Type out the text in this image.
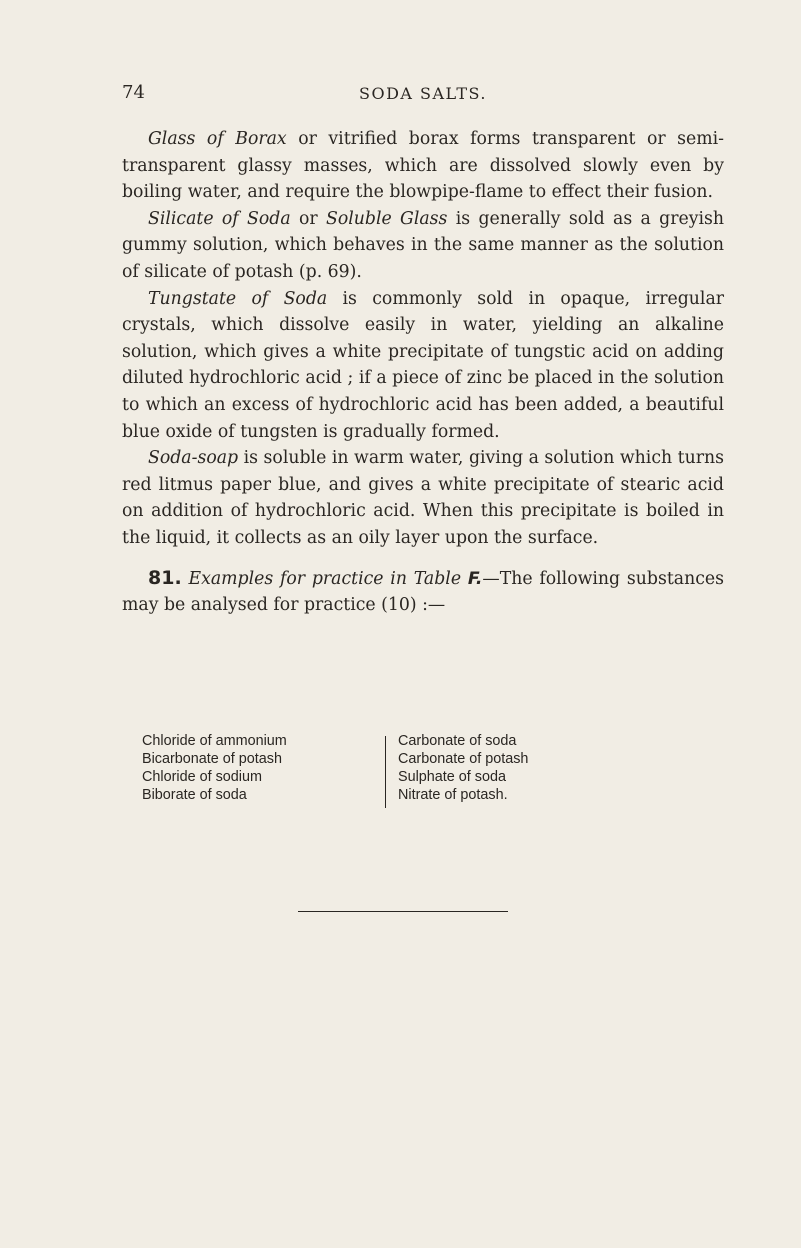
74	SODA SALTS.

Glass of Borax or vitrified borax forms transparent or semi-transparent glassy masses, which are dissolved slowly even by boiling water, and require the blowpipe-flame to effect their fusion.

Silicate of Soda or Soluble Glass is generally sold as a greyish gummy solution, which behaves in the same manner as the solution of silicate of potash (p. 69).

Tungstate of Soda is commonly sold in opaque, irregular crystals, which dissolve easily in water, yielding an alkaline solution, which gives a white precipitate of tungstic acid on adding diluted hydrochloric acid ; if a piece of zinc be placed in the solution to which an excess of hydrochloric acid has been added, a beautiful blue oxide of tungsten is gradually formed.

Soda-soap is soluble in warm water, giving a solution which turns red litmus paper blue, and gives a white precipitate of stearic acid on addition of hydrochloric acid. When this precipitate is boiled in the liquid, it collects as an oily layer upon the surface.

81. Examples for practice in Table F.—The following substances may be analysed for practice (10) :—

Chloride of ammonium
Bicarbonate of potash
Chloride of sodium
Biborate of soda
Carbonate of soda
Carbonate of potash
Sulphate of soda
Nitrate of potash.
